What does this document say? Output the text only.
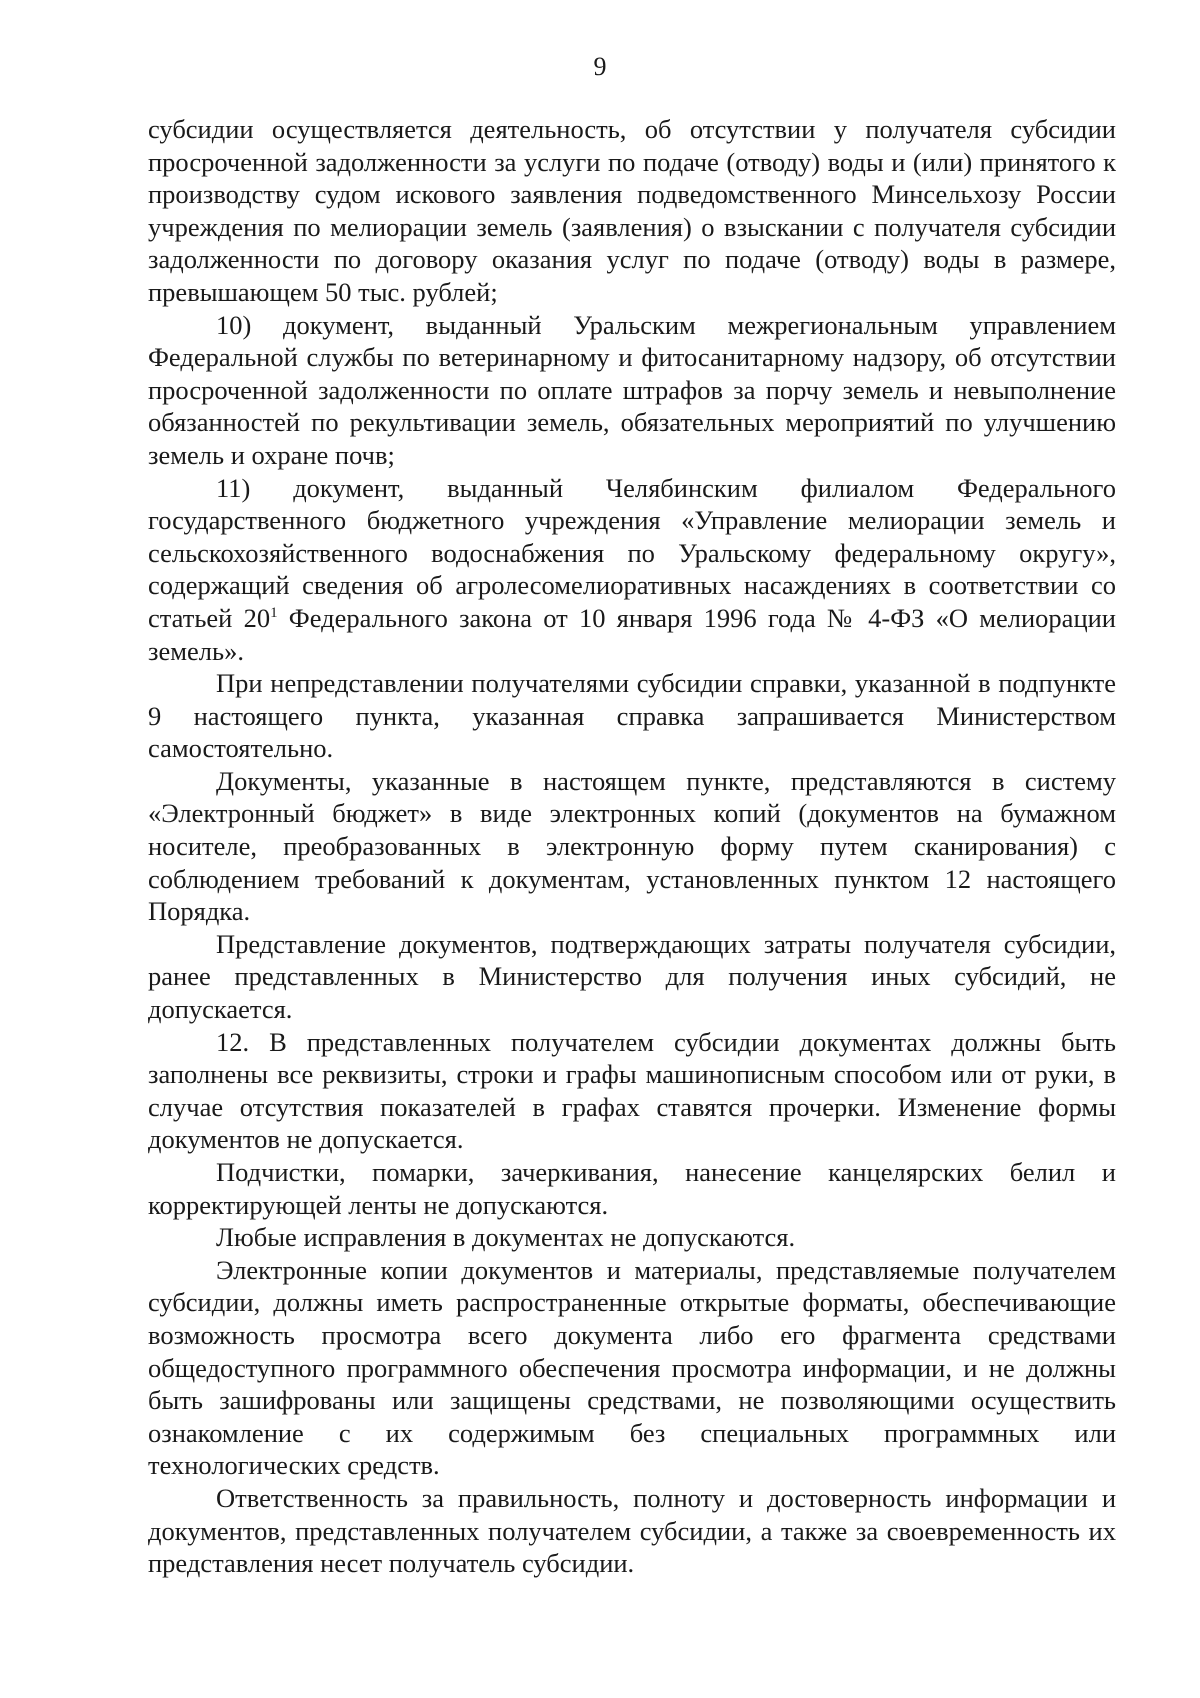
9

субсидии осуществляется деятельность, об отсутствии у получателя субсидии просроченной задолженности за услуги по подаче (отводу) воды и (или) принятого к производству судом искового заявления подведомственного Минсельхозу России учреждения по мелиорации земель (заявления) о взыскании с получателя субсидии задолженности по договору оказания услуг по подаче (отводу) воды в размере, превышающем 50 тыс. рублей;

10) документ, выданный Уральским межрегиональным управлением Федеральной службы по ветеринарному и фитосанитарному надзору, об отсутствии просроченной задолженности по оплате штрафов за порчу земель и невыполнение обязанностей по рекультивации земель, обязательных мероприятий по улучшению земель и охране почв;

11) документ, выданный Челябинским филиалом Федерального государственного бюджетного учреждения «Управление мелиорации земель и сельскохозяйственного водоснабжения по Уральскому федеральному округу», содержащий сведения об агролесомелиоративных насаждениях в соответствии со статьей $20^1$ Федерального закона от 10 января 1996 года № 4-ФЗ «О мелиорации земель».

При непредставлении получателями субсидии справки, указанной в подпункте 9 настоящего пункта, указанная справка запрашивается Министерством самостоятельно.

Документы, указанные в настоящем пункте, представляются в систему «Электронный бюджет» в виде электронных копий (документов на бумажном носителе, преобразованных в электронную форму путем сканирования) с соблюдением требований к документам, установленных пунктом 12 настоящего Порядка.

Представление документов, подтверждающих затраты получателя субсидии, ранее представленных в Министерство для получения иных субсидий, не допускается.

12. В представленных получателем субсидии документах должны быть заполнены все реквизиты, строки и графы машинописным способом или от руки, в случае отсутствия показателей в графах ставятся прочерки. Изменение формы документов не допускается.

Подчистки, помарки, зачеркивания, нанесение канцелярских белил и корректирующей ленты не допускаются.

Любые исправления в документах не допускаются.

Электронные копии документов и материалы, представляемые получателем субсидии, должны иметь распространенные открытые форматы, обеспечивающие возможность просмотра всего документа либо его фрагмента средствами общедоступного программного обеспечения просмотра информации, и не должны быть зашифрованы или защищены средствами, не позволяющими осуществить ознакомление с их содержимым без специальных программных или технологических средств.

Ответственность за правильность, полноту и достоверность информации и документов, представленных получателем субсидии, а также за своевременность их представления несет получатель субсидии.
